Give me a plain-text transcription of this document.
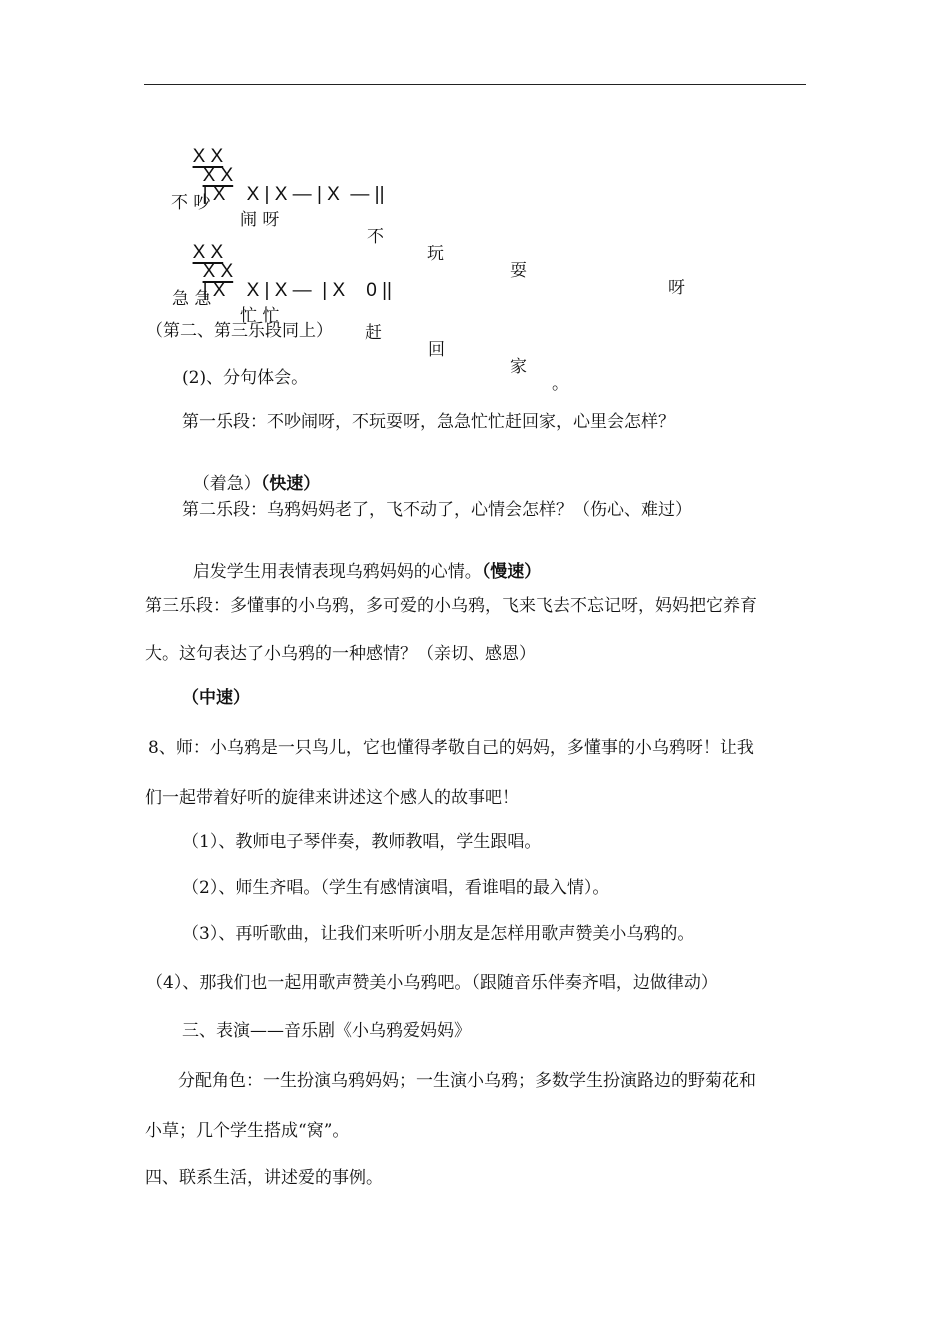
X X
X X
| X    X | X — | X  — ||

不 吵

闹 呀

不

玩

耍

呀

X X
X X
| X    X | X —  | X    0 ||

急 急

忙 忙

赶

回

家

。

（第二、第三乐段同上）
(2)、分句体会。
第一乐段：不吵闹呀，不玩耍呀，急急忙忙赶回家，心里会怎样？

（着急）（快速）

第二乐段：乌鸦妈妈老了，飞不动了，心情会怎样？（伤心、难过）

启发学生用表情表现乌鸦妈妈的心情。（慢速）

第三乐段：多懂事的小乌鸦，多可爱的小乌鸦，飞来飞去不忘记呀，妈妈把它养育
大。这句表达了小乌鸦的一种感情？（亲切、感恩）
（中速）
8、师：小乌鸦是一只鸟儿，它也懂得孝敬自己的妈妈，多懂事的小乌鸦呀！让我
们一起带着好听的旋律来讲述这个感人的故事吧！
（1）、教师电子琴伴奏，教师教唱，学生跟唱。
（2）、师生齐唱。（学生有感情演唱，看谁唱的最入情）。
（3）、再听歌曲，让我们来听听小朋友是怎样用歌声赞美小乌鸦的。
（4）、那我们也一起用歌声赞美小乌鸦吧。（跟随音乐伴奏齐唱，边做律动）
三、表演——音乐剧《小乌鸦爱妈妈》
分配角色：一生扮演乌鸦妈妈；一生演小乌鸦；多数学生扮演路边的野菊花和
小草；几个学生搭成“窝”。
四、联系生活，讲述爱的事例。
